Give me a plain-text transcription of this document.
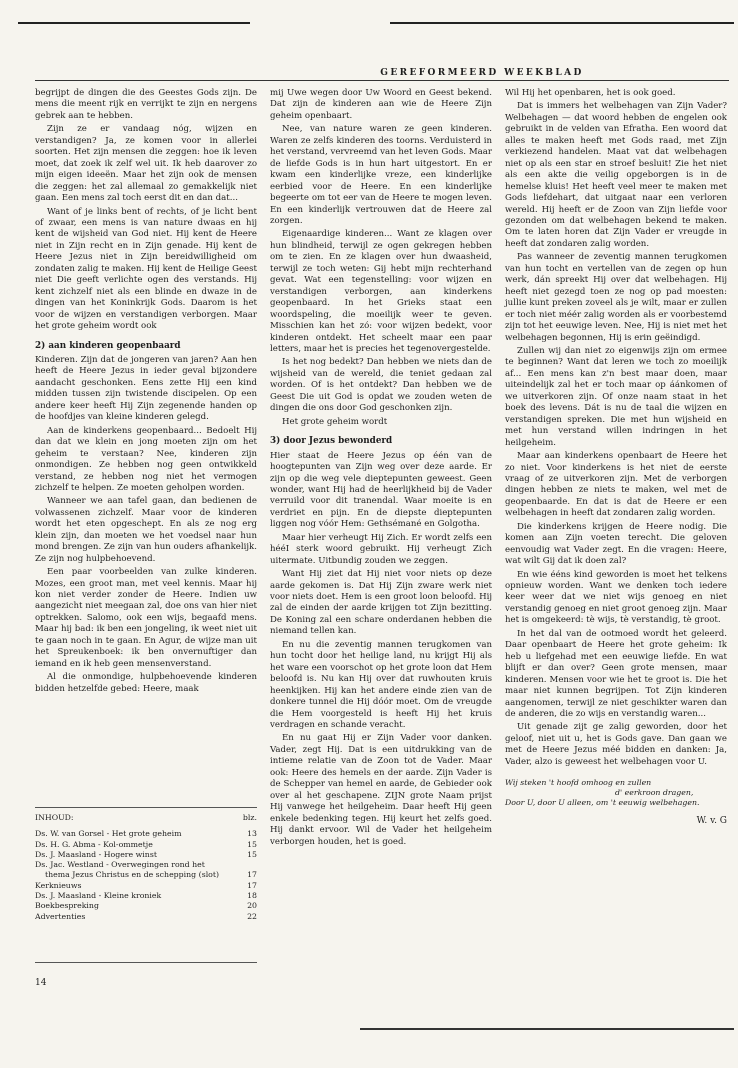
GEREFORMEERD WEEKBLAD

begrijpt de dingen die des Geestes Gods zijn. De mens die meent rijk en verrijkt te zijn en nergens gebrek aan te hebben.

Zijn ze er vandaag nóg, wijzen en verstandigen? Ja, ze komen voor in allerlei soorten. Het zijn mensen die zeggen: hoe ik leven moet, dat zoek ik zelf wel uit. Ik heb daarover zo mijn eigen ideeën. Maar het zijn ook de mensen die zeggen: het zal allemaal zo gemakkelijk niet gaan. Een mens zal toch eerst dit en dan dat...

Want of je links bent of rechts, of je licht bent of zwaar, een mens is van nature dwaas en hij kent de wijsheid van God niet. Hij kent de Heere niet in Zijn recht en in Zijn genade. Hij kent de Heere Jezus niet in Zijn bereidwilligheid om zondaten zalig te maken. Hij kent de Heilige Geest niet Die geeft verlichte ogen des verstands. Hij kent zichzelf niet als een blinde en dwaze in de dingen van het Koninkrijk Gods. Daarom is het voor de wijzen en verstandigen verborgen. Maar het grote geheim wordt ook

2) aan kinderen geopenbaard

Kinderen. Zijn dat de jongeren van jaren? Aan hen heeft de Heere Jezus in ieder geval bijzondere aandacht geschonken. Eens zette Hij een kind midden tussen zijn twistende discipelen. Op een andere keer heeft Hij Zijn zegenende handen op de hoofdjes van kleine kinderen gelegd.

Aan de kinderkens geopenbaard... Bedoelt Hij dan dat we klein en jong moeten zijn om het geheim te verstaan? Nee, kinderen zijn onmondigen. Ze hebben nog geen ontwikkeld verstand, ze hebben nog niet het vermogen zichzelf te helpen. Ze moeten geholpen worden.

Wanneer we aan tafel gaan, dan bedienen de volwassenen zichzelf. Maar voor de kinderen wordt het eten opgeschept. En als ze nog erg klein zijn, dan moeten we het voedsel naar hun mond brengen. Ze zijn van hun ouders afhankelijk. Ze zijn nog hulpbehoevend.

Een paar voorbeelden van zulke kinderen. Mozes, een groot man, met veel kennis. Maar hij kon niet verder zonder de Heere. Indien uw aangezicht niet meegaan zal, doe ons van hier niet optrekken. Salomo, ook een wijs, begaafd mens. Maar hij bad: ik ben een jongeling, ik weet niet uit te gaan noch in te gaan. En Agur, de wijze man uit het Spreukenboek: ik ben onvernuftiger dan iemand en ik heb geen mensenverstand.

Al die onmondige, hulpbehoevende kinderen bidden hetzelfde gebed: Heere, maak

INHOUD:	blz.
Ds. W. van Gorsel - Het grote geheim	13
Ds. H. G. Abma - Kol-ommetje	15
Ds. J. Maasland - Hogere winst	15
Ds. Jac. Westland - Overwegingen rond het
thema Jezus Christus en de schepping (slot)	17
Kerknieuws	17
Ds. J. Maasland - Kleine kroniek	18
Boekbespreking	20
Advertenties	22
14

mij Uwe wegen door Uw Woord en Geest bekend. Dat zijn de kinderen aan wie de Heere Zijn geheim openbaart.

Nee, van nature waren ze geen kinderen. Waren ze zelfs kinderen des toorns. Verduisterd in het verstand, vervreemd van het leven Gods. Maar de liefde Gods is in hun hart uitgestort. En er kwam een kinderlijke vreze, een kinderlijke eerbied voor de Heere. En een kinderlijke begeerte om tot eer van de Heere te mogen leven. En een kinderlijk vertrouwen dat de Heere zal zorgen.

Eigenaardige kinderen... Want ze klagen over hun blindheid, terwijl ze ogen gekregen hebben om te zien. En ze klagen over hun dwaasheid, terwijl ze toch weten: Gij hebt mijn rechterhand gevat. Wat een tegenstelling: voor wijzen en verstandigen verborgen, aan kinderkens geopenbaard. In het Grieks staat een woordspeling, die moeilijk weer te geven. Misschien kan het zó: voor wijzen bedekt, voor kinderen ontdekt. Het scheelt maar een paar letters, maar het is precies het tegenovergestelde.

Is het nog bedekt? Dan hebben we niets dan de wijsheid van de wereld, die teniet gedaan zal worden. Of is het ontdekt? Dan hebben we de Geest Die uit God is opdat we zouden weten de dingen die ons door God geschonken zijn.

Het grote geheim wordt

3) door Jezus bewonderd

Hier staat de Heere Jezus op één van de hoogtepunten van Zijn weg over deze aarde. Er zijn op die weg vele dieptepunten geweest. Geen wonder, want Hij had de heerlijkheid bij de Vader verruild voor dit tranendal. Waar moeite is en verdriet en pijn. En de diepste dieptepunten liggen nog vóór Hem: Gethsémané en Golgotha.

Maar hier verheugt Hij Zich. Er wordt zelfs een hééI sterk woord gebruikt. Hij verheugt Zich uitermate. Uitbundig zouden we zeggen.

Want Hij ziet dat Hij niet voor niets op deze aarde gekomen is. Dat Hij Zijn zware werk niet voor niets doet. Hem is een groot loon beloofd. Hij zal de einden der aarde krijgen tot Zijn bezitting. De Koning zal een schare onderdanen hebben die niemand tellen kan.

En nu die zeventig mannen terugkomen van hun tocht door het heilige land, nu krijgt Hij als het ware een voorschot op het grote loon dat Hem beloofd is. Nu kan Hij over dat ruwhouten kruis heenkijken. Hij kan het andere einde zien van de donkere tunnel die Hij dóór moet. Om de vreugde die Hem voorgesteld is heeft Hij het kruis verdragen en schande veracht.

En nu gaat Hij er Zijn Vader voor danken. Vader, zegt Hij. Dat is een uitdrukking van de intieme relatie van de Zoon tot de Vader. Maar ook: Heere des hemels en der aarde. Zijn Vader is de Schepper van hemel en aarde, de Gebieder ook over al het geschapene. ZIJN grote Naam prijst Hij vanwege het heilgeheim. Daar heeft Hij geen enkele bedenking tegen. Hij keurt het zelfs goed. Hij dankt ervoor. Wil de Vader het heilgeheim verborgen houden, het is goed.

Wil Hij het openbaren, het is ook goed.

Dat is immers het welbehagen van Zijn Vader? Welbehagen — dat woord hebben de engelen ook gebruikt in de velden van Efratha. Een woord dat alles te maken heeft met Gods raad, met Zijn verkiezend handelen. Maat vat dat welbehagen niet op als een star en stroef besluit! Zie het niet als een akte die veilig opgeborgen is in de hemelse kluis! Het heeft veel meer te maken met Gods liefdehart, dat uitgaat naar een verloren wereld. Hij heeft er de Zoon van Zijn liefde voor gezonden om dat welbehagen bekend te maken. Om te laten horen dat Zijn Vader er vreugde in heeft dat zondaren zalig worden.

Pas wanneer de zeventig mannen terugkomen van hun tocht en vertellen van de zegen op hun werk, dán spreekt Hij over dat welbehagen. Hij heeft niet gezegd toen ze nog op pad moesten: jullie kunt preken zoveel als je wilt, maar er zullen er toch niet méér zalig worden als er voorbestemd zijn tot het eeuwige leven. Nee, Hij is niet met het welbehagen begonnen, Hij is erin geëindigd.

Zullen wij dan niet zo eigenwijs zijn om ermee te beginnen? Want dat leren we toch zo moeilijk af... Een mens kan z'n best maar doen, maar uiteindelijk zal het er toch maar op áánkomen of we uitverkoren zijn. Of onze naam staat in het boek des levens. Dát is nu de taal die wijzen en verstandigen spreken. Die met hun wijsheid en met hun verstand willen indringen in het heilgeheim.

Maar aan kinderkens openbaart de Heere het zo niet. Voor kinderkens is het niet de eerste vraag of ze uitverkoren zijn. Met de verborgen dingen hebben ze niets te maken, wel met de geopenbaarde. En dat is dat de Heere er een welbehagen in heeft dat zondaren zalig worden.

Die kinderkens krijgen de Heere nodig. Die komen aan Zijn voeten terecht. Die geloven eenvoudig wat Vader zegt. En die vragen: Heere, wat wilt Gij dat ik doen zal?

En wie ééns kind geworden is moet het telkens opnieuw worden. Want we denken toch iedere keer weer dat we niet wijs genoeg en niet verstandig genoeg en niet groot genoeg zijn. Maar het is omgekeerd: tè wijs, tè verstandig, tè groot.

In het dal van de ootmoed wordt het geleerd. Daar openbaart de Heere het grote geheim: Ik heb u liefgehad met een eeuwige liefde. En wat blijft er dan over? Geen grote mensen, maar kinderen. Mensen voor wie het te groot is. Die het maar niet kunnen begrijpen. Tot Zijn kinderen aangenomen, terwijl ze niet geschikter waren dan de anderen, die zo wijs en verstandig waren...

Uit genade zijt ge zalig geworden, door het geloof, niet uit u, het is Gods gave. Dan gaan we met de Heere Jezus méé bidden en danken: Ja, Vader, alzo is geweest het welbehagen voor U.

Wij steken 't hoofd omhoog en zullen
d' eerkroon dragen,
Door U, door U alleen, om 't eeuwig welbehagen.
W. v. G
